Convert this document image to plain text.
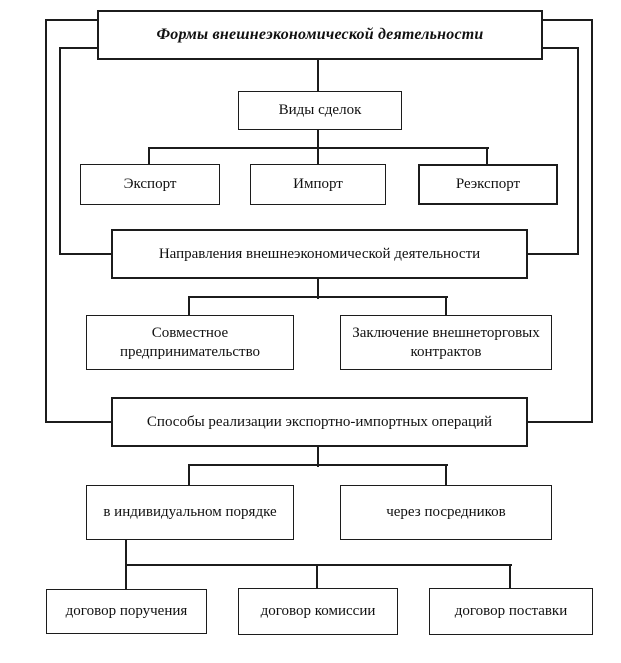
Формы внешнеэкономической деятельности
Виды сделок
Экспорт	Импорт	Реэкспорт
Направления внешнеэкономической деятельности
Совместное предпринимательство
Заключение внешнеторговых контрактов
Способы реализации экспортно-импортных операций
в индивидуальном порядке	через посредников
договор поручения	договор комиссии	договор поставки
